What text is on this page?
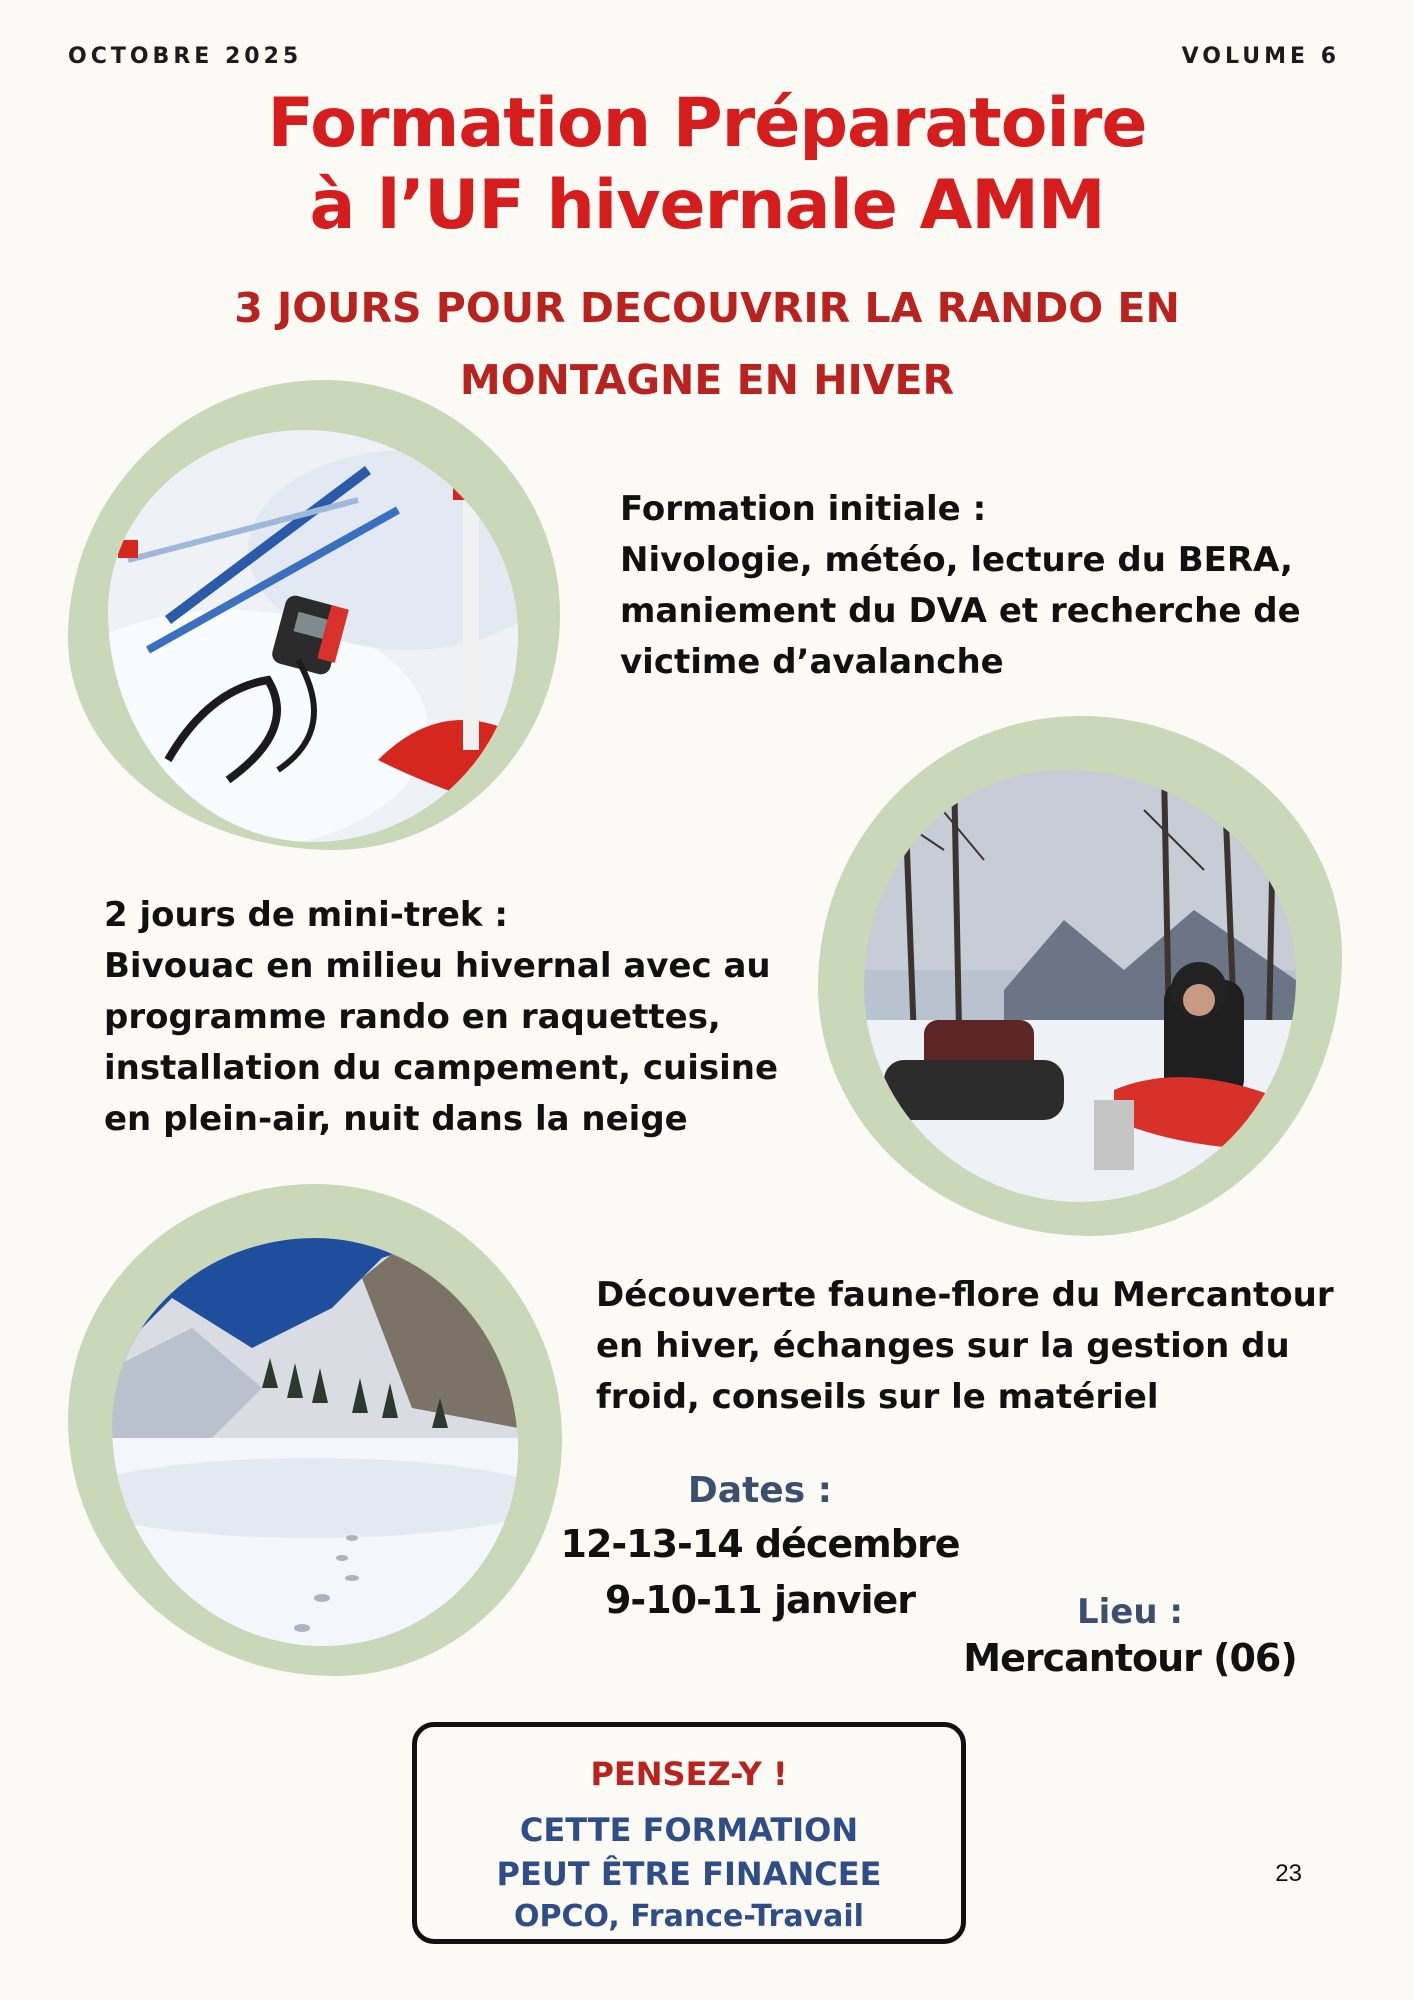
OCTOBRE 2025	VOLUME 6
Formation Préparatoire
à l’UF hivernale AMM
3 JOURS POUR DECOUVRIR LA RANDO EN
MONTAGNE EN HIVER
Formation initiale :
Nivologie, météo, lecture du BERA,
maniement du DVA et recherche de
victime d’avalanche
2 jours de mini-trek :
Bivouac en milieu hivernal avec au
programme rando en raquettes,
installation du campement, cuisine
en plein-air, nuit dans la neige
Découverte faune-flore du Mercantour
en hiver, échanges sur la gestion du
froid, conseils sur le matériel
Dates :
12-13-14 décembre
9-10-11 janvier	Lieu :
Mercantour (06)
PENSEZ-Y !
CETTE FORMATION
PEUT ÊTRE FINANCEE
OPCO, France-Travail
23
